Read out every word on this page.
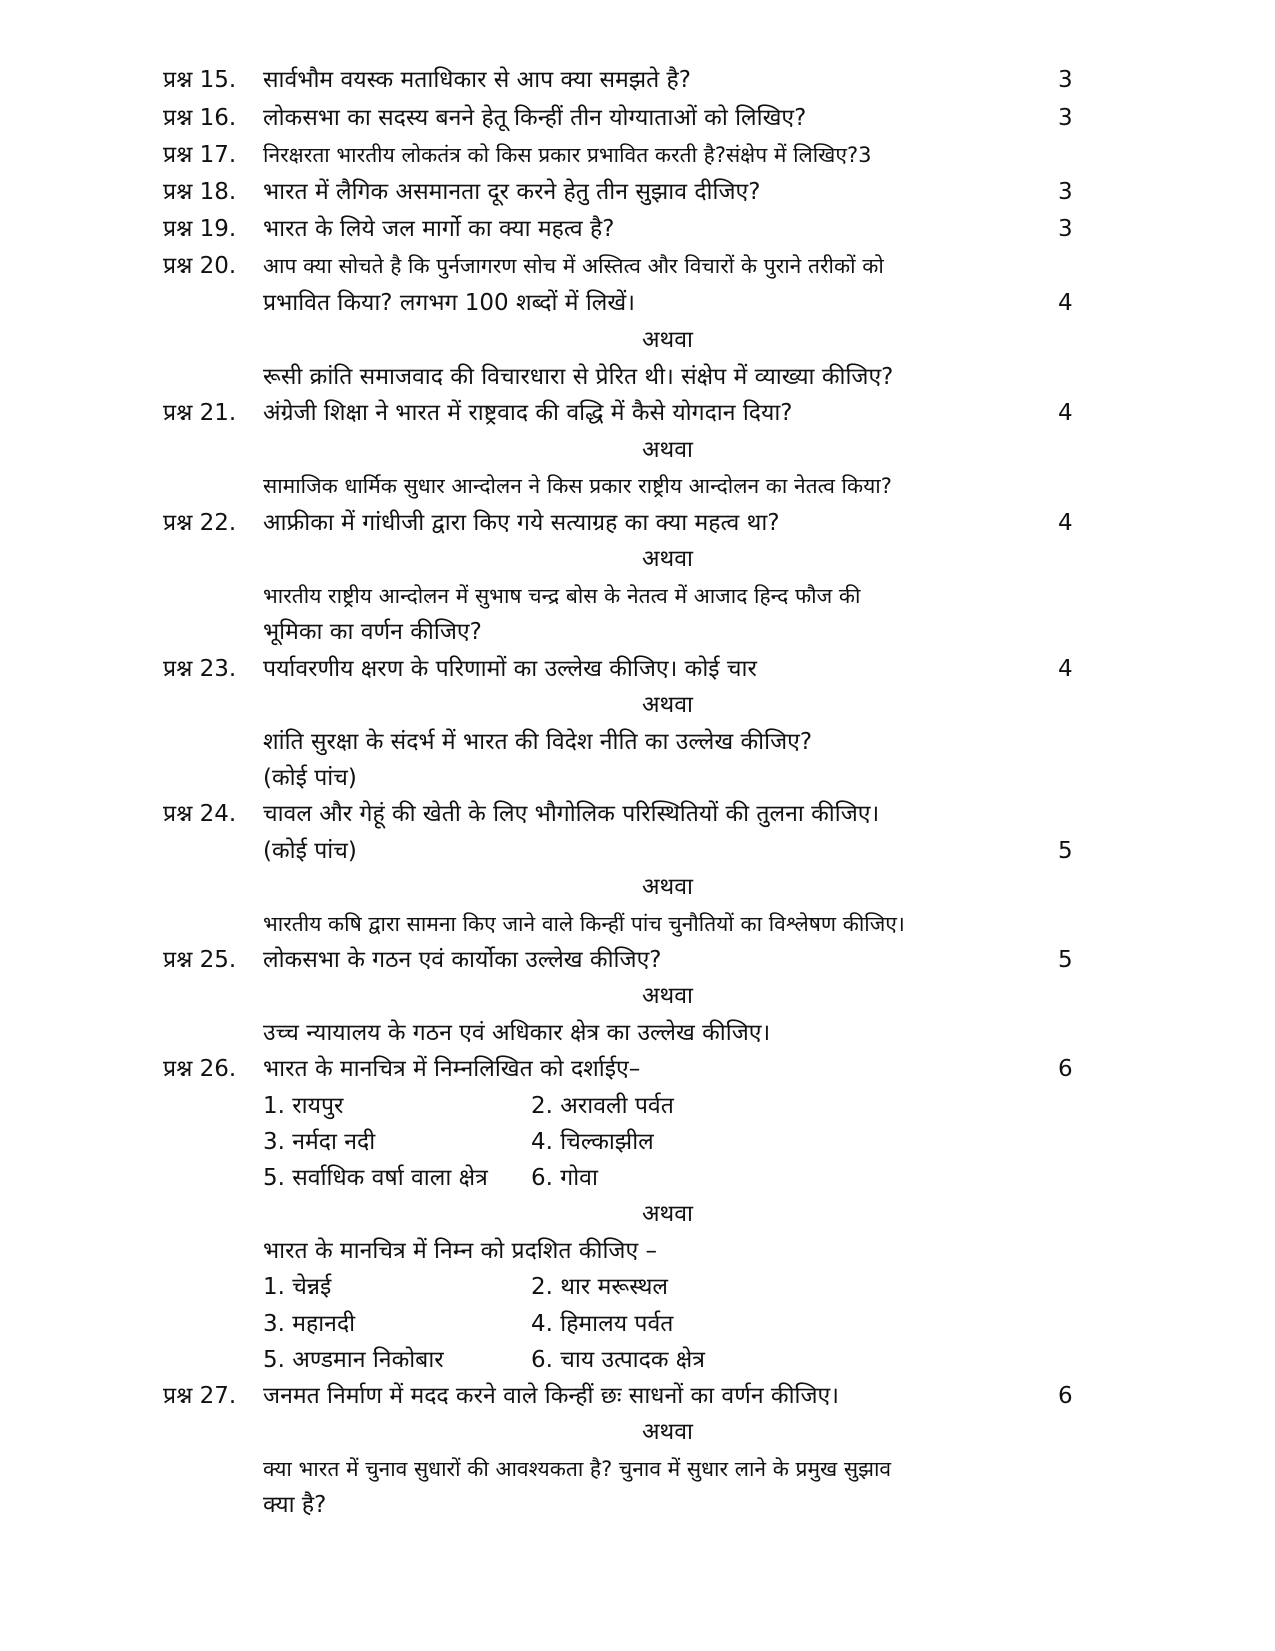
प्रश्न 15. सार्वभौम वयस्क मताधिकार से आप क्या समझते है?	3
प्रश्न 16. लोकसभा का सदस्य बनने हेतू किन्हीं तीन योग्याताओं को लिखिए?	3
प्रश्न 17. निरक्षरता भारतीय लोकतंत्र को किस प्रकार प्रभावित करती है?संक्षेप में लिखिए?3
प्रश्न 18. भारत में लैगिक असमानता दूर करने हेतु तीन सुझाव दीजिए?	3
प्रश्न 19. भारत के लिये जल मार्गो का क्या महत्व है?	3
प्रश्न 20. आप क्या सोचते है कि पुर्नजागरण सोच में अस्तित्व और विचारों के पुराने तरीकों को
प्रभावित किया? लगभग 100 शब्दों में लिखें।	4
अथवा
रूसी क्रांति समाजवाद की विचारधारा से प्रेरित थी। संक्षेप में व्याख्या कीजिए?
प्रश्न 21. अंग्रेजी शिक्षा ने भारत में राष्ट्रवाद की वद्धि में कैसे योगदान दिया?	4
अथवा
सामाजिक धार्मिक सुधार आन्दोलन ने किस प्रकार राष्ट्रीय आन्दोलन का नेतत्व किया?
प्रश्न 22. आफ्रीका में गांधीजी द्वारा किए गये सत्याग्रह का क्या महत्व था?	4
अथवा
भारतीय राष्ट्रीय आन्दोलन में सुभाष चन्द्र बोस के नेतत्व में आजाद हिन्द फौज की
भूमिका का वर्णन कीजिए?
प्रश्न 23. पर्यावरणीय क्षरण के परिणामों का उल्लेख कीजिए। कोई चार	4
अथवा
शांति सुरक्षा के संदर्भ में भारत की विदेश नीति का उल्लेख कीजिए?
(कोई पांच)
प्रश्न 24. चावल और गेहूं की खेती के लिए भौगोलिक परिस्थितियों की तुलना कीजिए।
(कोई पांच)	5
अथवा
भारतीय कषि द्वारा सामना किए जाने वाले किन्हीं पांच चुनौतियों का विश्लेषण कीजिए।
प्रश्न 25. लोकसभा के गठन एवं कार्योका उल्लेख कीजिए?	5
अथवा
उच्च न्यायालय के गठन एवं अधिकार क्षेत्र का उल्लेख कीजिए।
प्रश्न 26. भारत के मानचित्र में निम्नलिखित को दर्शाईए–	6
1. रायपुर	2. अरावली पर्वत
3. नर्मदा नदी	4. चिल्काझील
5. सर्वाधिक वर्षा वाला क्षेत्र 6. गोवा
अथवा
भारत के मानचित्र में निम्न को प्रदशित कीजिए –
1. चेन्नई	2. थार मरूस्थल
3. महानदी	4. हिमालय पर्वत
5. अण्डमान निकोबार	6. चाय उत्पादक क्षेत्र
प्रश्न 27. जनमत निर्माण में मदद करने वाले किन्हीं छः साधनों का वर्णन कीजिए।	6
अथवा
क्या भारत में चुनाव सुधारों की आवश्यकता है? चुनाव में सुधार लाने के प्रमुख सुझाव
क्या है?
